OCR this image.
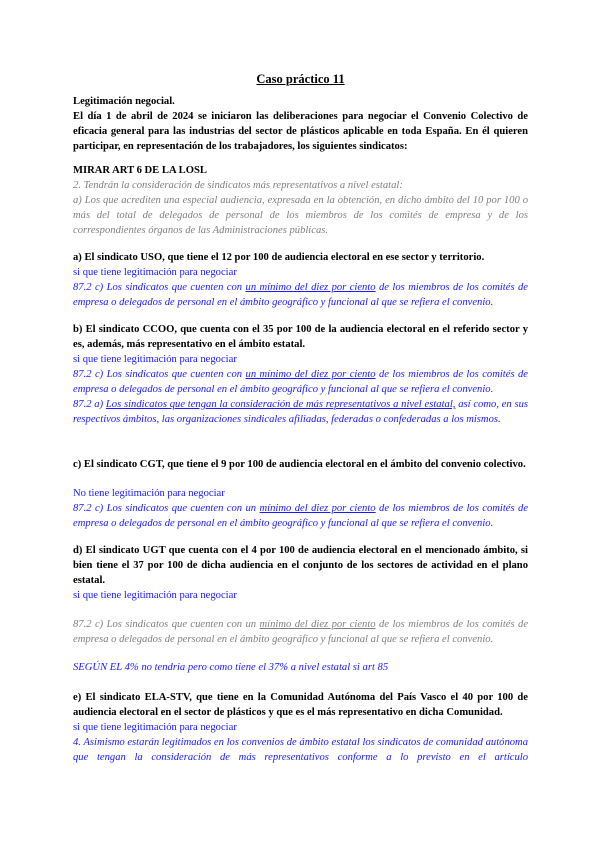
Caso práctico 11
Legitimación negocial.

El día 1 de abril de 2024 se iniciaron las deliberaciones para negociar el Convenio Colectivo de eficacia general para las industrias del sector de plásticos aplicable en toda España. En él quieren participar, en representación de los trabajadores, los siguientes sindicatos:

MIRAR ART 6 DE LA LOSL

2. Tendrán la consideración de sindicatos más representativos a nivel estatal:

a) Los que acrediten una especial audiencia, expresada en la obtención, en dicho ámbito del 10 por 100 o más del total de delegados de personal de los miembros de los comités de empresa y de los correspondientes órganos de las Administraciones públicas.

a) El sindicato USO, que tiene el 12 por 100 de audiencia electoral en ese sector y territorio.

si que tiene legitimación para negociar

87.2 c) Los sindicatos que cuenten con un mínimo del diez por ciento de los miembros de los comités de empresa o delegados de personal en el ámbito geográfico y funcional al que se refiera el convenio.

b) El sindicato CCOO, que cuenta con el 35 por 100 de la audiencia electoral en el referido sector y es, además, más representativo en el ámbito estatal.

si que tiene legitimación para negociar

87.2 c) Los sindicatos que cuenten con un mínimo del diez por ciento de los miembros de los comités de empresa o delegados de personal en el ámbito geográfico y funcional al que se refiera el convenio.

87.2 a) Los sindicatos que tengan la consideración de más representativos a nivel estatal, así como, en sus respectivos ámbitos, las organizaciones sindicales afiliadas, federadas o confederadas a los mismos.

c) El sindicato CGT, que tiene el 9 por 100 de audiencia electoral en el ámbito del convenio colectivo.

No tiene legitimación para negociar

87.2 c) Los sindicatos que cuenten con un mínimo del diez por ciento de los miembros de los comités de empresa o delegados de personal en el ámbito geográfico y funcional al que se refiera el convenio.

d) El sindicato UGT que cuenta con el 4 por 100 de audiencia electoral en el mencionado ámbito, si bien tiene el 37 por 100 de dicha audiencia en el conjunto de los sectores de actividad en el plano estatal.

si que tiene legitimación para negociar

87.2 c) Los sindicatos que cuenten con un mínimo del diez por ciento de los miembros de los comités de empresa o delegados de personal en el ámbito geográfico y funcional al que se refiera el convenio.

SEGÚN EL 4% no tendria pero como tiene el 37% a nivel estatal si art 85

e) El sindicato ELA-STV, que tiene en la Comunidad Autónoma del País Vasco el 40 por 100 de audiencia electoral en el sector de plásticos y que es el más representativo en dicha Comunidad.

si que tiene legitimación para negociar

4. Asimismo estarán legitimados en los convenios de ámbito estatal los sindicatos de comunidad autónoma que tengan la consideración de más representativos conforme a lo previsto en el artículo
